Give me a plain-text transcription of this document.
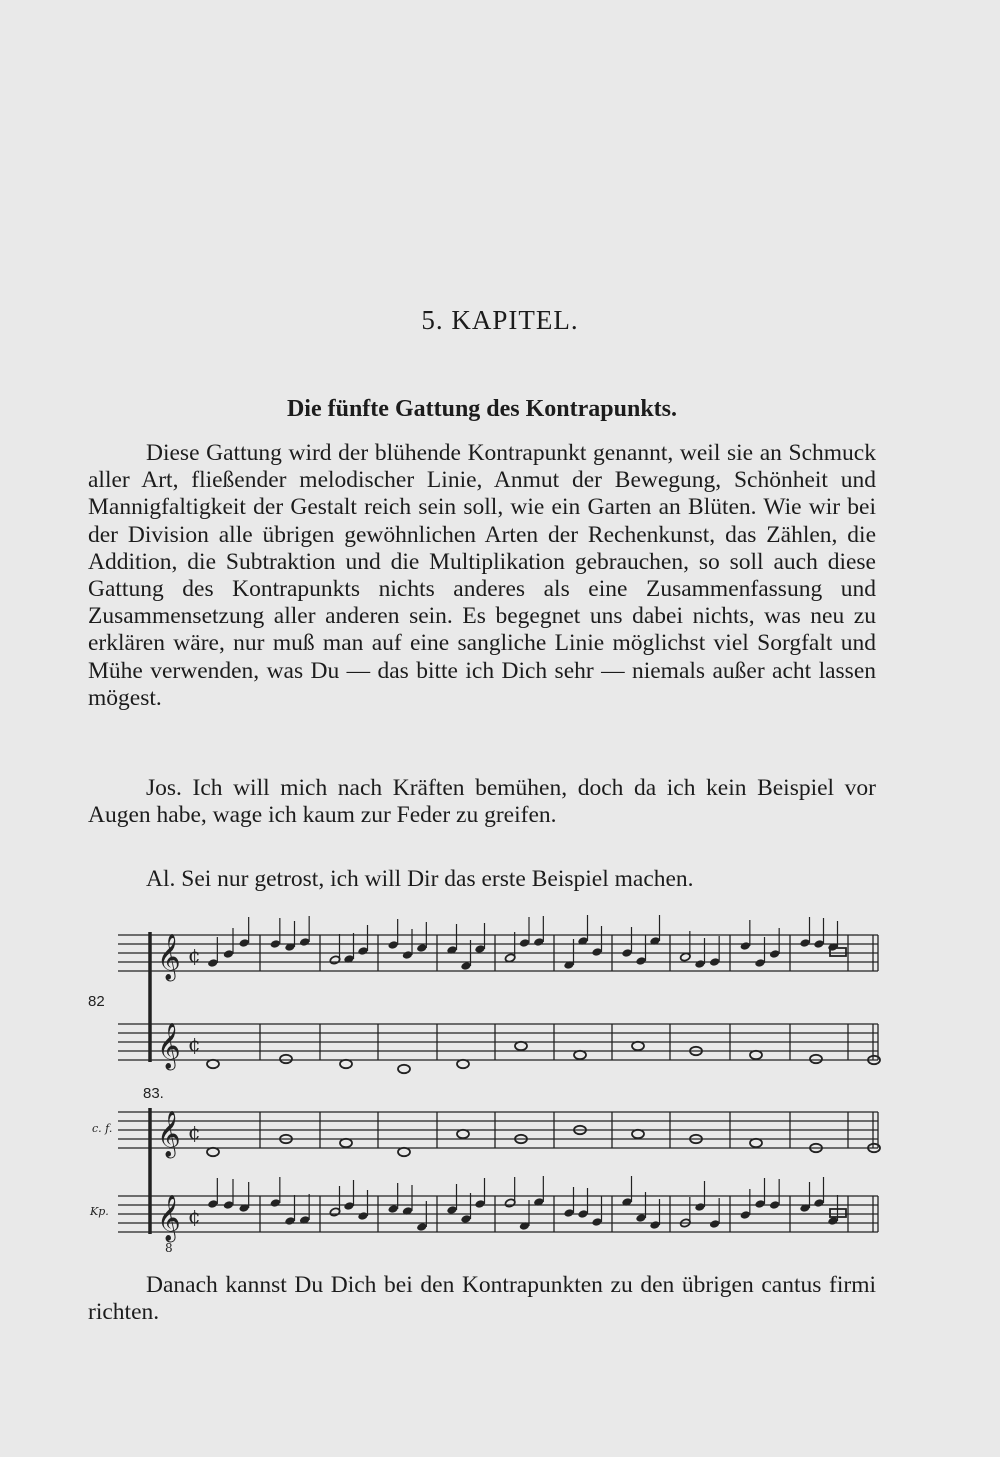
5. KAPITEL.
Die fünfte Gattung des Kontrapunkts.

Diese Gattung wird der blühende Kontrapunkt genannt, weil sie an Schmuck aller Art, fließender melodischer Linie, Anmut der Bewegung, Schönheit und Mannigfaltigkeit der Gestalt reich sein soll, wie ein Garten an Blüten. Wie wir bei der Division alle übrigen gewöhnlichen Arten der Rechenkunst, das Zählen, die Addition, die Subtraktion und die Multiplikation gebrauchen, so soll auch diese Gattung des Kontrapunkts nichts anderes als eine Zusammenfassung und Zusammensetzung aller anderen sein. Es begegnet uns dabei nichts, was neu zu erklären wäre, nur muß man auf eine sangliche Linie möglichst viel Sorgfalt und Mühe verwenden, was Du — das bitte ich Dich sehr — niemals außer acht lassen mögest.

Jos. Ich will mich nach Kräften bemühen, doch da ich kein Beispiel vor Augen habe, wage ich kaum zur Feder zu greifen.

Al. Sei nur getrost, ich will Dir das erste Beispiel machen.

82
𝄞 ¢
𝄞 ¢
83.
c. f.
Kp.
𝄞 ¢
𝄞 ¢
8

Danach kannst Du Dich bei den Kontrapunkten zu den übrigen cantus firmi richten.
